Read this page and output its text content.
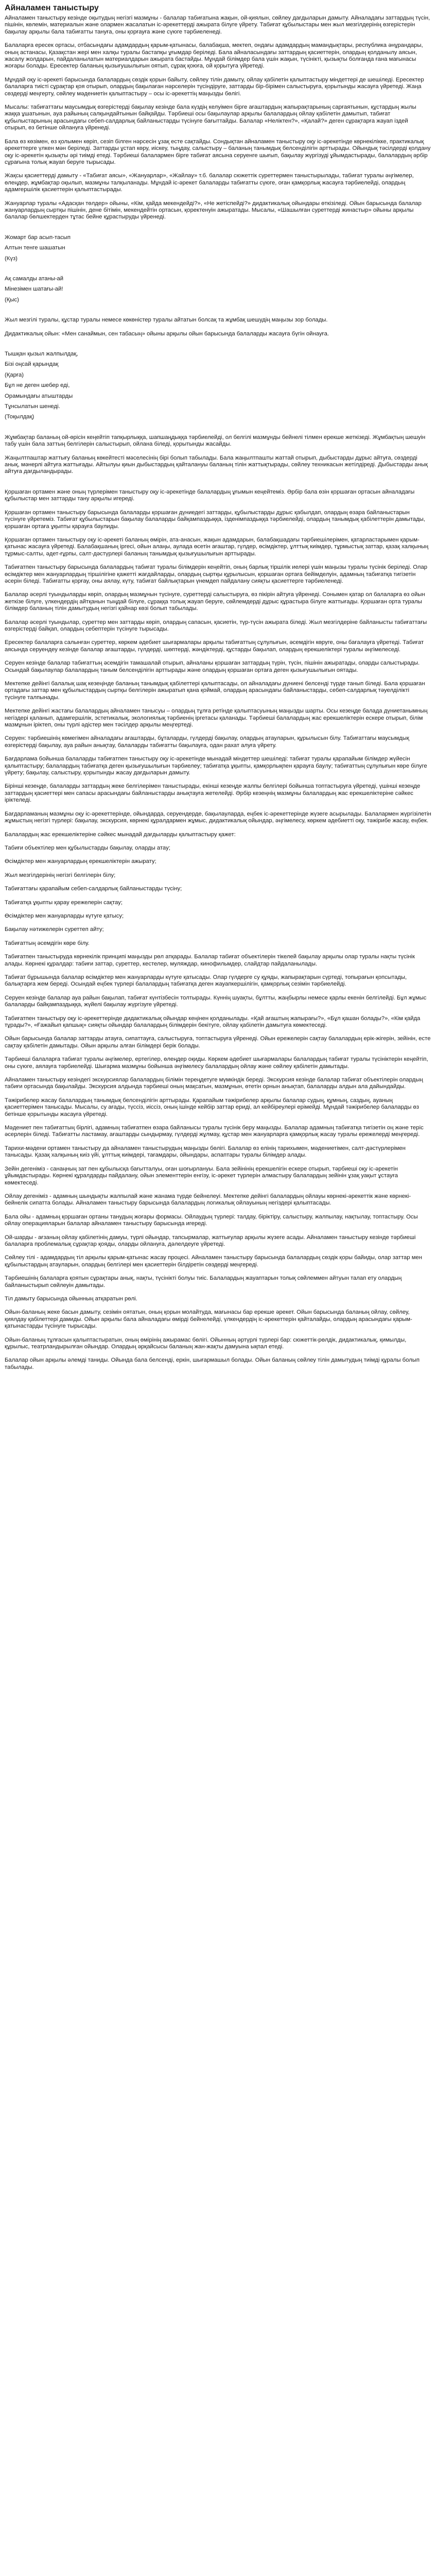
Айналамен таныстыру

Айналамен таныстыру кезінде оқытудың негізгі мазмұны - балалар табиғатына жақын, ой-қиялын, сөйлеу дағдыларын дамыту. Айналадағы заттардың түсін, пішінін, көлемін, материалын және олармен жасалатын іс-әрекеттерді ажырата білуге үйрету. Табиғат құбылыстары мен жыл мезгілдерінің өзгерістерін бақылау арқылы бала табиғатты тануға, оны қорғауға және сүюге тәрбиеленеді.

Балаларға ересек ортасы, отбасындағы адамдардың қарым-қатынасы, балабақша, мектеп, ондағы адамдардың мамандықтары, республика әнұрандары, оның астанасы, Қазақстан жері мен халқы туралы бастапқы ұғымдар беріледі. Бала айналасындағы заттардың қасиеттерін, олардың қолданылу аясын, жасалу жолдарын, пайдаланылатын материалдарын ажырата бастайды. Мұндай білімдер бала үшін жақын, түсінікті, қызықты болғанда ғана мағынасы жоғары болады. Ересектер баланың қызығушылығын оятып, сұрақ қоюға, ой қорытуға үйретеді.

Мұндай оқу іс-әрекеті барысында балалардың сөздік қорын байыту, сөйлеу тілін дамыту, ойлау қабілетін қалыптастыру міндеттері де шешіледі. Ересектер балаларға тиісті сұрақтар қоя отырып, олардың бақылаған нәрселерін түсіндіруге, заттарды бір-бірімен салыстыруға, қорытынды жасауға үйретеді. Жаңа сөздерді меңгерту, сөйлеу мәдениетін қалыптастыру – осы іс-әрекеттің маңызды бөлігі.

Мысалы: табиғаттағы маусымдық өзгерістерді бақылау кезінде бала күздің келуімен бірге ағаштардың жапырақтарының сарғаятынын, құстардың жылы жаққа ұшатынын, ауа райының салқындайтынын байқайды. Тәрбиеші осы бақылаулар арқылы балалардың ойлау қабілетін дамытып, табиғат құбылыстарының арасындағы себеп-салдарлық байланыстарды түсінуге бағыттайды. Балалар «Неліктен?», «Қалай?» деген сұрақтарға жауап іздей отырып, өз бетінше ойлануға үйренеді.

Бала өз көзімен, өз қолымен көріп, сезіп білген нәрсесін ұзақ есте сақтайды. Сондықтан айналамен таныстыру оқу іс-әрекетінде көрнекілікке, практикалық әрекеттерге үлкен мән беріледі. Заттарды ұстап көру, иіскеу, тыңдау, салыстыру – баланың танымдық белсенділігін арттырады. Ойындық тәсілдерді қолдану оқу іс-әрекетін қызықты әрі тиімді етеді. Тәрбиеші балалармен бірге табиғат аясына серуенге шығып, бақылау жүргізуді ұйымдастырады, балалардың әрбір сұрағына толық жауап беруге тырысады.

Жақсы қасиеттерді дамыту - «Табиғат аясы», «Жануарлар», «Жайлау» т.б. балалар сюжеттік суреттермен таныстырылады, табиғат туралы әңгімелер, өлеңдер, жұмбақтар оқылып, мазмұны талқыланады. Мұндай іс-әрекет балаларды табиғатты сүюге, оған қамқорлық жасауға тәрбиелейді, олардың адамгершілік қасиеттерін қалыптастырады.

Жануарлар туралы «Адасқан төлдер» ойыны, «Кім, қайда мекендейді?», «Не жетіспейді?» дидактикалық ойындары өткізіледі. Ойын барысында балалар жануарлардың сыртқы пішінін, дене бітімін, мекендейтін ортасын, қоректенуін ажыратады. Мысалы, «Шашылған суреттерді жинастыр» ойыны арқылы балалар бөлшектерден тұтас бейне құрастыруды үйренеді.

Жомарт бар асып-тасып

Алтын тенге шашатын

(Күз)

Ақ самалды атаны-ай

Мінезімен шатағы-ай!

(Қыс)

Жыл мезгілі туралы, құстар туралы немесе көкөністер туралы айтатын болсақ та жұмбақ шешудің маңызы зор болады.

Дидактикалық ойын: «Мен санаймын, сен табасың» ойыны арқылы ойын барысында балаларды жасауға бүгін ойнауға.

Тышқан қызыл жалпылдақ,

Бізі оңсай қарындақ

(Қарға)

Бұл не деген шебер еді,

Орамындағы атыштарды

Тұнсылатын шенеді.

(Тоқылдақ)

Жұмбақтар баланың ой-өрісін кеңейтіп тапқырлыққа, шапшаңдыққа тәрбиелейді, ол белгілі мазмұнды бейнелі тілмен ерекше жеткізеді. Жұмбақтың шешуін табу үшін бала заттың белгілерін салыстырып, ойлана біледі, қорытынды жасайды.

Жаңылтпаштар жаттығу баланың көкейтесті мәселесінің бірі болып табылады. Бала жаңылтпашты жаттай отырып, дыбыстарды дұрыс айтуға, сөздерді анық, мәнерлі айтуға жаттығады. Айтылуы қиын дыбыстардың қайталануы баланың тілін жаттықтырады, сөйлеу техникасын жетілдіреді. Дыбыстарды анық айтуға дағдыландырады.

Қоршаған ортамен және оның түрлерімен таныстыру оқу іс-әрекетінде балалардың ұғымын кеңейтеміз. Әрбір бала өзін қоршаған ортасын айналадағы құбылыстар мен заттарды тану арқылы игереді.

Қоршаған ортамен таныстыру барысында балаларды қоршаған дүниедегі заттарды, құбылыстарды дұрыс қабылдап, олардың өзара байланыстарын түсінуге үйретеміз. Табиғат құбылыстарын бақылау балаларды байқампаздыққа, ізденімпаздыққа тәрбиелейді, олардың танымдық қабілеттерін дамытады, қоршаған ортаға ұқыпты қарауға баулиды.

Қоршаған ортамен таныстыру оқу іс-әрекеті баланың өмірін, ата-анасын, жақын адамдарын, балабақшадағы тәрбиешілерімен, қатарластарымен қарым-қатынас жасауға үйретеді. Балабақшаның іргесі, ойын алаңы, аулада өсетін ағаштар, гүлдер, өсімдіктер, ұлттық киімдер, тұрмыстық заттар, қазақ халқының тұрмыс-салты, әдет-ғұрпы, салт-дәстүрлері баланың танымдық қызығушылығын арттырады.

Табиғатпен таныстыру барысында балалардың табиғат туралы білімдерін кеңейтіп, оның барлық тіршілік иелері үшін маңызы туралы түсінік беріледі. Олар өсімдіктер мен жануарлардың тіршілігіне қажетті жағдайларды, олардың сыртқы құрылысын, қоршаған ортаға бейімделуін, адамның табиғатқа тигізетін әсерін біледі. Табиғатты қорғау, оны аялау, күту, табиғат байлықтарын үнемдеп пайдалану сияқты қасиеттерге тәрбиеленеді.

Балалар әсерлі туындыларды көріп, олардың мазмұнын түсінуге, суреттерді салыстыруға, өз пікірін айтуға үйренеді. Сонымен қатар ол балаларға өз ойын жеткізе білуге, үлкендердің айтқанын тыңдай білуге, сұраққа толық жауап беруге, сөйлемдерді дұрыс құрастыра білуге жаттығады. Қоршаған орта туралы білімдер баланың тілін дамытудың негізгі қайнар көзі болып табылады.

Балалар әсерлі туындылар, суреттер мен заттарды көріп, олардың сапасын, қасиетін, түр-түсін ажырата біледі. Жыл мезгілдеріне байланысты табиғаттағы өзгерістерді байқап, олардың себептерін түсінуге тырысады.

Ересектер балаларға салынған суреттер, көркем әдебиет шығармалары арқылы табиғаттың сұлулығын, әсемдігін көруге, оны бағалауға үйретеді. Табиғат аясында серуендеу кезінде балалар ағаштарды, гүлдерді, шөптерді, жәндіктерді, құстарды бақылап, олардың ерекшеліктері туралы әңгімелеседі.

Серуен кезінде балалар табиғаттың әсемдігін тамашалай отырып, айналаны қоршаған заттардың түрін, түсін, пішінін ажыратады, оларды салыстырады. Осындай бақылаулар балалардың таным белсенділігін арттырады және олардың қоршаған ортаға деген қызығушылығын оятады.

Мектепке дейінгі балалық шақ кезеңінде баланың танымдық қабілеттері қалыптасады, ол айналадағы дүниені белсенді түрде танып біледі. Бала қоршаған ортадағы заттар мен құбылыстардың сыртқы белгілерін ажыратып қана қоймай, олардың арасындағы байланыстарды, себеп-салдарлық тәуелділікті түсінуге талпынады.

Мектепке дейінгі жастағы балалардың айналамен танысуы – олардың тұлға ретінде қалыптасуының маңызды шарты. Осы кезеңде балада дүниетанымның негіздері қаланып, адамгершілік, эстетикалық, экологиялық тәрбиенің іргетасы қаланады. Тәрбиеші балалардың жас ерекшеліктерін ескере отырып, білім мазмұнын іріктеп, оны түрлі әдістер мен тәсілдер арқылы меңгертеді.

Серуен: тәрбиешінің көмегімен айналадағы ағаштарды, бұталарды, гүлдерді бақылау, олардың атауларын, құрылысын білу. Табиғаттағы маусымдық өзгерістерді бақылау, ауа райын анықтау, балаларды табиғатты бақылауға, одан рахат алуға үйрету.

Бағдарлама бойынша балаларды табиғатпен таныстыру оқу іс-әрекетінде мынадай міндеттер шешіледі: табиғат туралы қарапайым білімдер жүйесін қалыптастыру; балалардың табиғатқа деген қызығушылығын тәрбиелеу; табиғатқа ұқыпты, қамқорлықпен қарауға баулу; табиғаттың сұлулығын көре білуге үйрету; бақылау, салыстыру, қорытынды жасау дағдыларын дамыту.

Бірінші кезеңде, балаларды заттардың жеке белгілерімен таныстырады, екінші кезеңде жалпы белгілері бойынша топтастыруға үйретеді, үшінші кезеңде заттардың қасиеттері мен сапасы арасындағы байланыстарды анықтауға жетелейді. Әрбір кезеңнің мазмұны балалардың жас ерекшеліктеріне сәйкес іріктеледі.

Бағдарламаның мазмұны оқу іс-әрекеттерінде, ойындарда, серуендерде, бақылауларда, еңбек іс-әрекеттерінде жүзеге асырылады. Балалармен жүргізілетін жұмыстың негізгі түрлері: бақылау, экскурсия, көрнекі құралдармен жұмыс, дидактикалық ойындар, әңгімелесу, көркем әдебиетті оқу, тәжірибе жасау, еңбек.

Балалардың жас ерекшеліктеріне сәйкес мынадай дағдыларды қалыптастыру қажет:

Табиғи объектілер мен құбылыстарды бақылау, оларды атау;

Өсімдіктер мен жануарлардың ерекшеліктерін ажырату;

Жыл мезгілдерінің негізгі белгілерін білу;

Табиғаттағы қарапайым себеп-салдарлық байланыстарды түсіну;

Табиғатқа ұқыпты қарау ережелерін сақтау;

Өсімдіктер мен жануарларды күтуге қатысу;

Бақылау нәтижелерін суреттеп айту;

Табиғаттың әсемдігін көре білу.

Табиғатпен таныстыруда көрнекілік принципі маңызды рөл атқарады. Балалар табиғат объектілерін тікелей бақылау арқылы олар туралы нақты түсінік алады. Көрнекі құралдар: табиғи заттар, суреттер, кестелер, муляждар, кинофильмдер, слайдтар пайдаланылады.

Табиғат бұрышында балалар өсімдіктер мен жануарларды күтуге қатысады. Олар гүлдерге су құяды, жапырақтарын сүртеді, топырағын қопсытады, балықтарға жем береді. Осындай еңбек түрлері балалардың табиғатқа деген жауапкершілігін, қамқорлық сезімін тәрбиелейді.

Серуен кезінде балалар ауа райын бақылап, табиғат күнтізбесін толтырады. Күннің шуақты, бұлтты, жаңбырлы немесе қарлы екенін белгілейді. Бұл жұмыс балаларды байқампаздыққа, жүйелі бақылау жүргізуге үйретеді.

Табиғатпен таныстыру оқу іс-әрекеттерінде дидактикалық ойындар кеңінен қолданылады. «Қай ағаштың жапырағы?», «Бұл қашан болады?», «Кім қайда тұрады?», «Ғажайып қапшық» сияқты ойындар балалардың білімдерін бекітуге, ойлау қабілетін дамытуға көмектеседі.

Ойын барысында балалар заттарды атауға, сипаттауға, салыстыруға, топтастыруға үйренеді. Ойын ережелерін сақтау балалардың ерік-жігерін, зейінін, есте сақтау қабілетін дамытады. Ойын арқылы алған білімдері берік болады.

Тәрбиеші балаларға табиғат туралы әңгімелер, ертегілер, өлеңдер оқиды. Көркем әдебиет шығармалары балалардың табиғат туралы түсініктерін кеңейтіп, оны сүюге, аялауға тәрбиелейді. Шығарма мазмұны бойынша әңгімелесу балалардың ойлау және сөйлеу қабілетін дамытады.

Айналамен таныстыру кезіндегі экскурсиялар балалардың білімін тереңдетуге мүмкіндік береді. Экскурсия кезінде балалар табиғат объектілерін олардың табиғи ортасында бақылайды. Экскурсия алдында тәрбиеші оның мақсатын, мазмұнын, өтетін орнын анықтап, балаларды алдын ала дайындайды.

Тәжірибелер жасау балалардың танымдық белсенділігін арттырады. Қарапайым тәжірибелер арқылы балалар судың, құмның, саздың, ауаның қасиеттерімен танысады. Мысалы, су ағады, түссіз, иіссіз, оның ішінде кейбір заттар ериді, ал кейбіреулері ерімейді. Мұндай тәжірибелер балаларды өз бетінше қорытынды жасауға үйретеді.

Мәдениет пен табиғаттың бірлігі, адамның табиғатпен өзара байланысы туралы түсінік беру маңызды. Балалар адамның табиғатқа тигізетін оң және теріс әсерлерін біледі. Табиғатты ластамау, ағаштарды сындырмау, гүлдерді жұлмау, құстар мен жануарларға қамқорлық жасау туралы ережелерді меңгереді.

Тарихи-мәдени ортамен таныстыру да айналамен таныстырудың маңызды бөлігі. Балалар өз елінің тарихымен, мәдениетімен, салт-дәстүрлерімен танысады. Қазақ халқының киіз үйі, ұлттық киімдері, тағамдары, ойындары, аспаптары туралы білімдер алады.

Зейін дегеніміз - санаңның зат пен құбылысқа бағытталуы, оған шоғырлануы. Бала зейінінің ерекшелігін ескере отырып, тәрбиеші оқу іс-әрекетін ұйымдастырады. Көрнекі құралдарды пайдалану, ойын элементтерін енгізу, іс-әрекет түрлерін алмастыру балалардың зейінін ұзақ уақыт ұстауға көмектеседі.

Ойлау дегеніміз - адамның шындықты жалпылай және жанама түрде бейнелеуі. Мектепке дейінгі балалардың ойлауы көрнекі-әрекеттік және көрнекі-бейнелік сипатта болады. Айналамен таныстыру барысында балалардың логикалық ойлауының негіздері қалыптасады.

Бала ойы - адамның қоршаған ортаны танудың жоғары формасы. Ойлаудың түрлері: талдау, біріктіру, салыстыру, жалпылау, нақтылау, топтастыру. Осы ойлау операцияларын балалар айналамен таныстыру барысында игереді.

Ой-шарды - ағзаның ойлау қабілетінің дамуы, түрлі ойындар, тапсырмалар, жаттығулар арқылы жүзеге асады. Айналамен таныстыру кезінде тәрбиеші балаларға проблемалық сұрақтар қояды, оларды ойлануға, дәлелдеуге үйретеді.

Сөйлеу тілі - адамдардың тіл арқылы қарым-қатынас жасау процесі. Айналамен таныстыру барысында балалардың сөздік қоры байиды, олар заттар мен құбылыстардың атауларын, олардың белгілері мен қасиеттерін білдіретін сөздерді меңгереді.

Тәрбиешінің балаларға қоятын сұрақтары анық, нақты, түсінікті болуы тиіс. Балалардың жауаптарын толық сөйлеммен айтуын талап ету олардың байланыстырып сөйлеуін дамытады.

Тіл дамыту барысында ойынның атқаратын рөлі.

Ойын-баланың жеке басын дамыту, сезімін оятатын, оның қорын молайтуда, мағынасы бар ерекше әрекет. Ойын барысында баланың ойлау, сөйлеу, қиялдау қабілеттері дамиды. Ойын арқылы бала айналадағы өмірді бейнелейді, үлкендердің іс-әрекеттерін қайталайды, олардың арасындағы қарым-қатынастарды түсінуге тырысады.

Ойын-баланың тұлғасын қалыптастыратын, оның өмірінің ажырамас бөлігі. Ойынның әртүрлі түрлері бар: сюжеттік-рөлдік, дидактикалық, қимылды, құрылыс, театрландырылған ойындар. Олардың әрқайсысы баланың жан-жақты дамуына ықпал етеді.

Балалар ойын арқылы әлемді таниды. Ойында бала белсенді, еркін, шығармашыл болады. Ойын баланың сөйлеу тілін дамытудың тиімді құралы болып табылады.
